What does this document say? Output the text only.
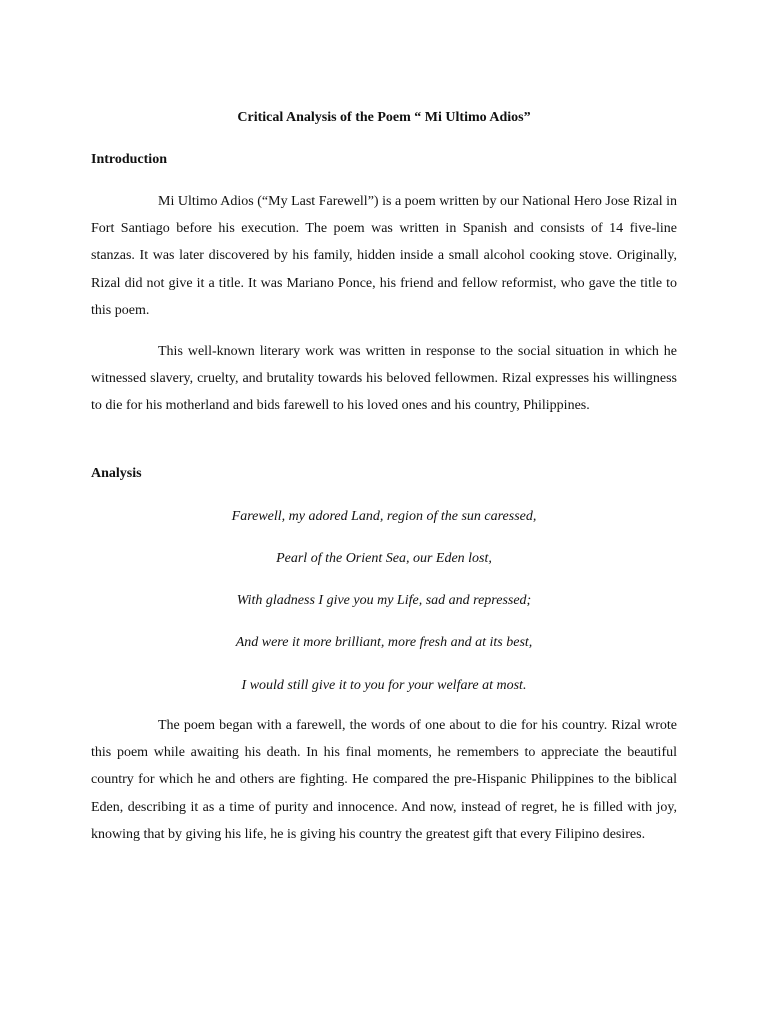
Critical Analysis of the Poem “ Mi Ultimo Adios”
Introduction

Mi Ultimo Adios (“My Last Farewell”) is a poem written by our National Hero Jose Rizal in Fort Santiago before his execution. The poem was written in Spanish and consists of 14 five-line stanzas. It was later discovered by his family, hidden inside a small alcohol cooking stove. Originally, Rizal did not give it a title. It was Mariano Ponce, his friend and fellow reformist, who gave the title to this poem.

This well-known literary work was written in response to the social situation in which he witnessed slavery, cruelty, and brutality towards his beloved fellowmen. Rizal expresses his willingness to die for his motherland and bids farewell to his loved ones and his country, Philippines.

Analysis

Farewell, my adored Land, region of the sun caressed,

Pearl of the Orient Sea, our Eden lost,

With gladness I give you my Life, sad and repressed;

And were it more brilliant, more fresh and at its best,

I would still give it to you for your welfare at most.

The poem began with a farewell, the words of one about to die for his country. Rizal wrote this poem while awaiting his death. In his final moments, he remembers to appreciate the beautiful country for which he and others are fighting. He compared the pre-Hispanic Philippines to the biblical Eden, describing it as a time of purity and innocence. And now, instead of regret, he is filled with joy, knowing that by giving his life, he is giving his country the greatest gift that every Filipino desires.
